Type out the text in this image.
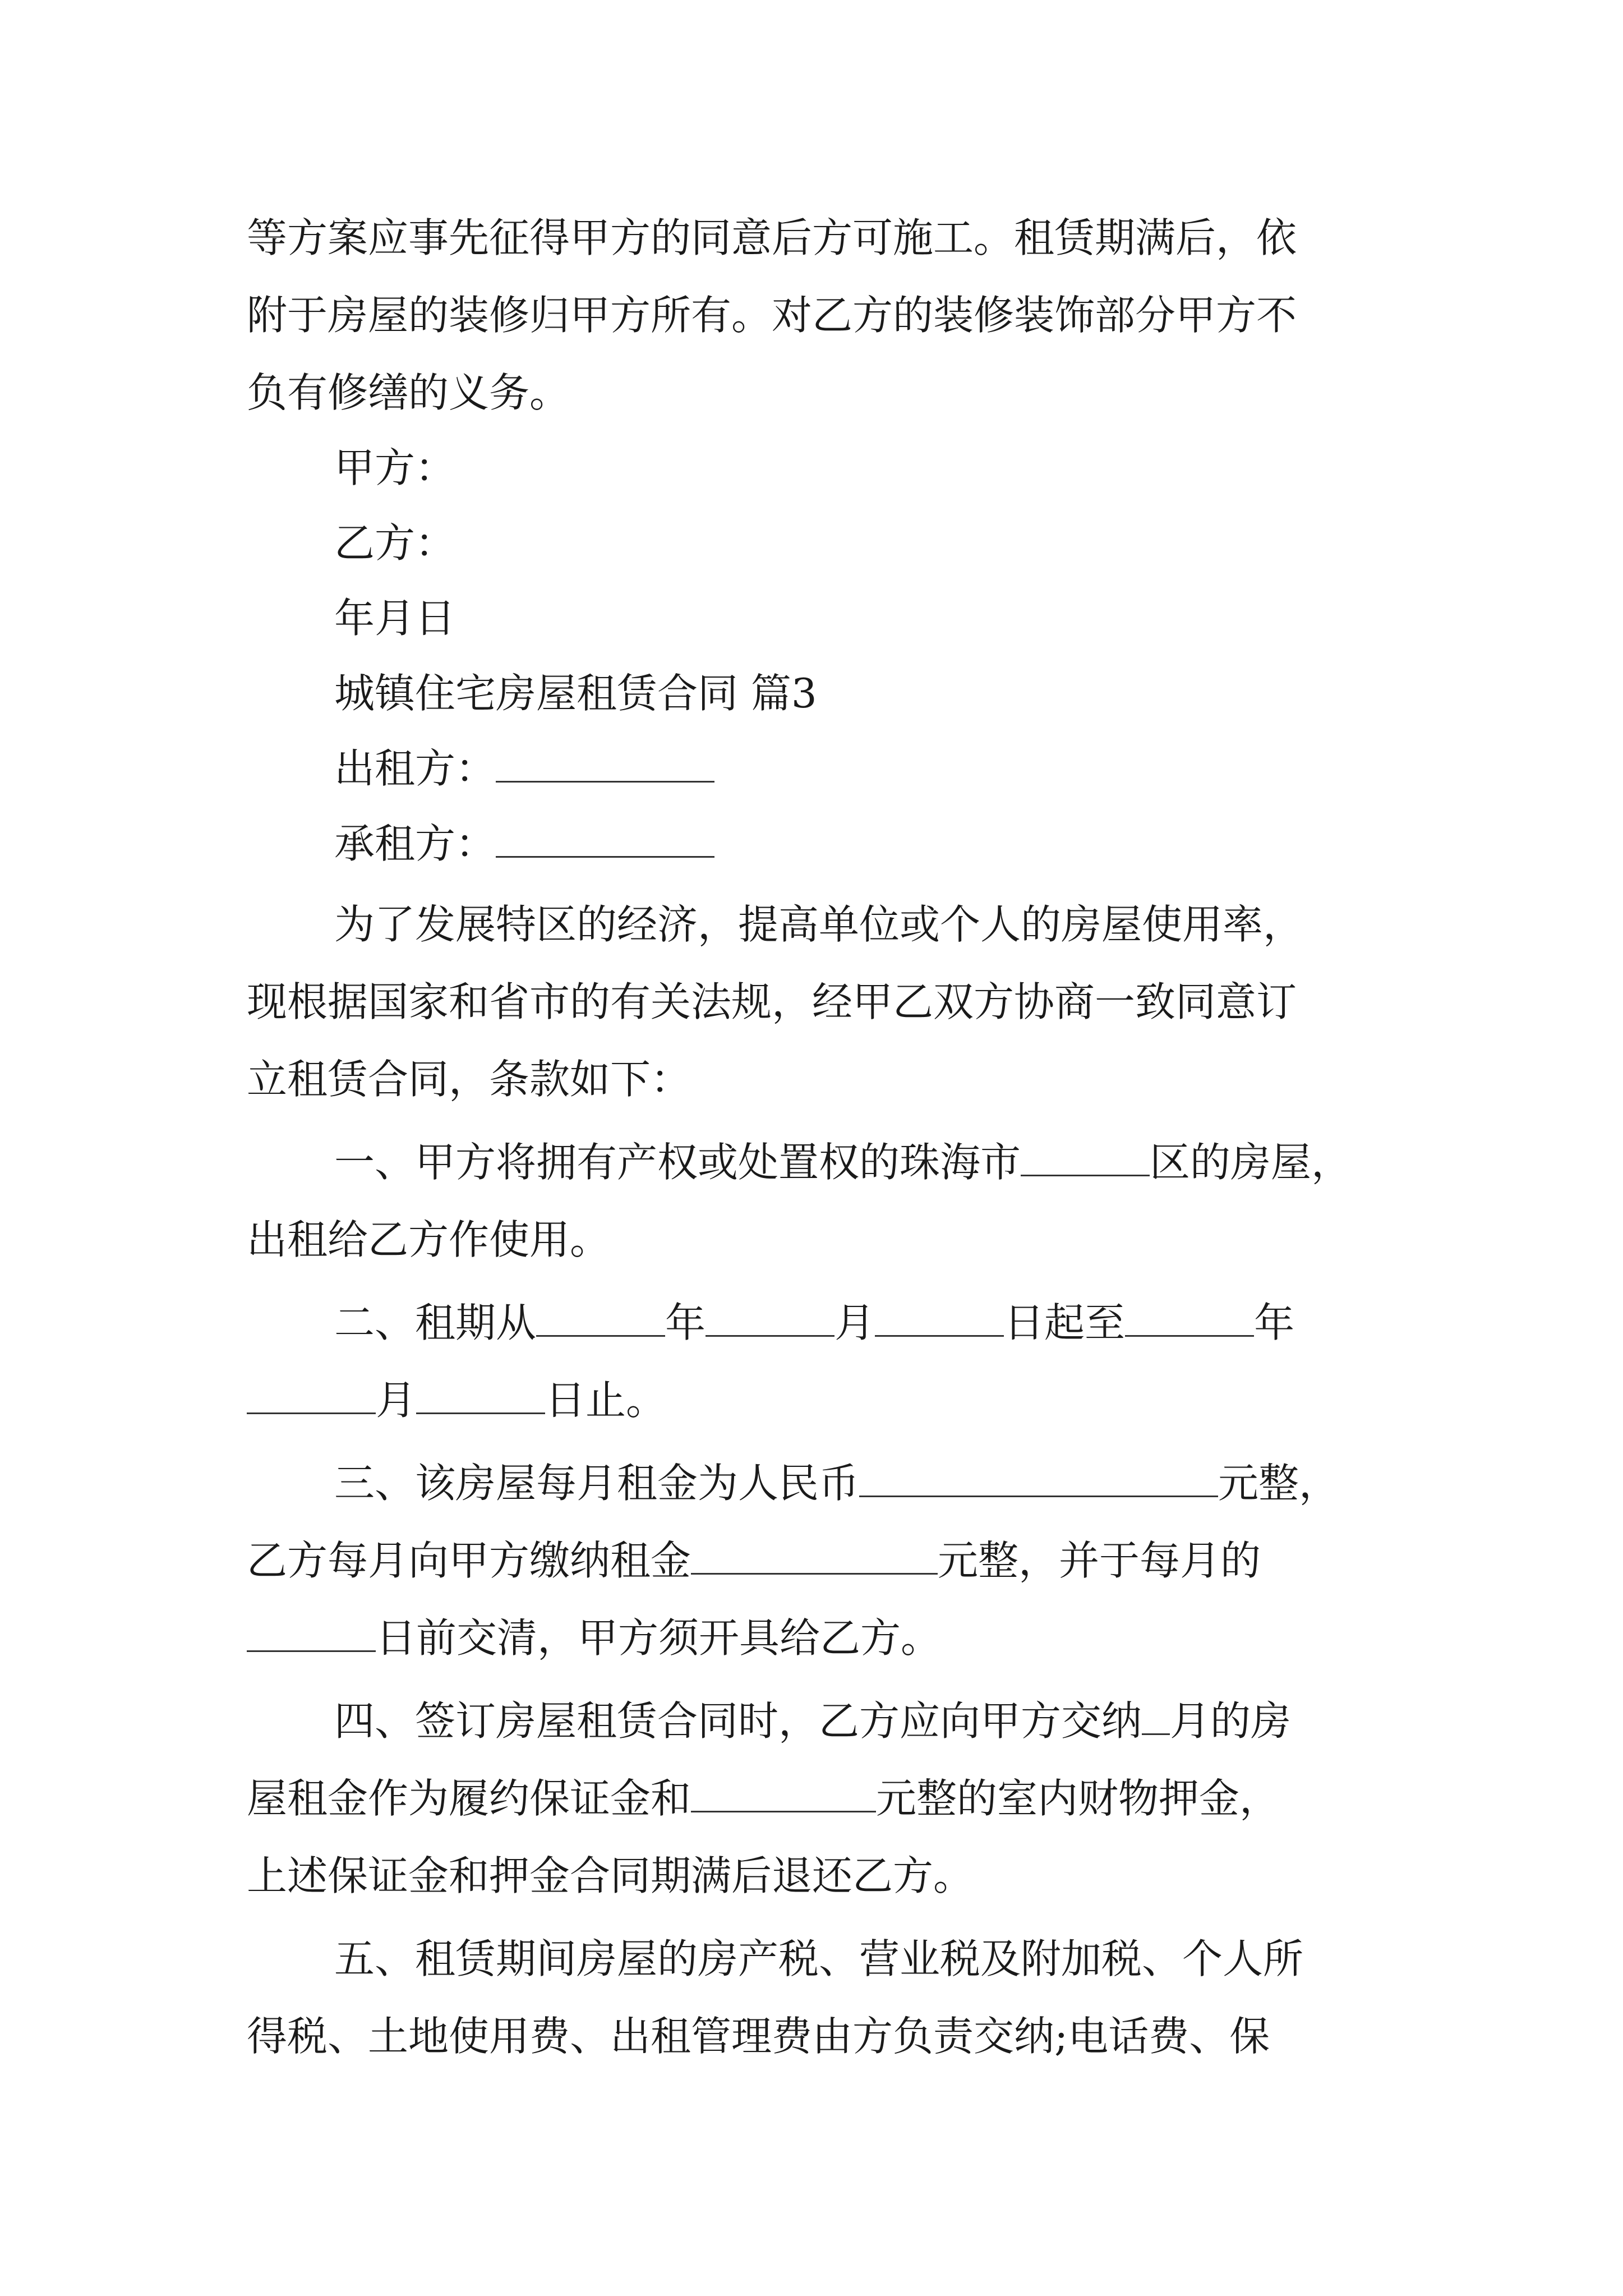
等方案应事先征得甲方的同意后方可施工。租赁期满后，依
附于房屋的装修归甲方所有。对乙方的装修装饰部分甲方不
负有修缮的义务。
甲方：
乙方：
年月日
城镇住宅房屋租赁合同 篇3
出租方：
承租方：
为了发展特区的经济，提高单位或个人的房屋使用率，
现根据国家和省市的有关法规，经甲乙双方协商一致同意订
立租赁合同，条款如下：
一、甲方将拥有产权或处置权的珠海市	区的房屋，
出租给乙方作使用。
二、租期从	年	月	日起至	年
月	日止。
三、该房屋每月租金为人民币	元整，
乙方每月向甲方缴纳租金	元整，并于每月的
日前交清，甲方须开具给乙方。
四、签订房屋租赁合同时，乙方应向甲方交纳 月的房
屋租金作为履约保证金和	元整的室内财物押金，
上述保证金和押金合同期满后退还乙方。
五、租赁期间房屋的房产税、营业税及附加税、个人所
得税、土地使用费、出租管理费由方负责交纳;电话费、保
